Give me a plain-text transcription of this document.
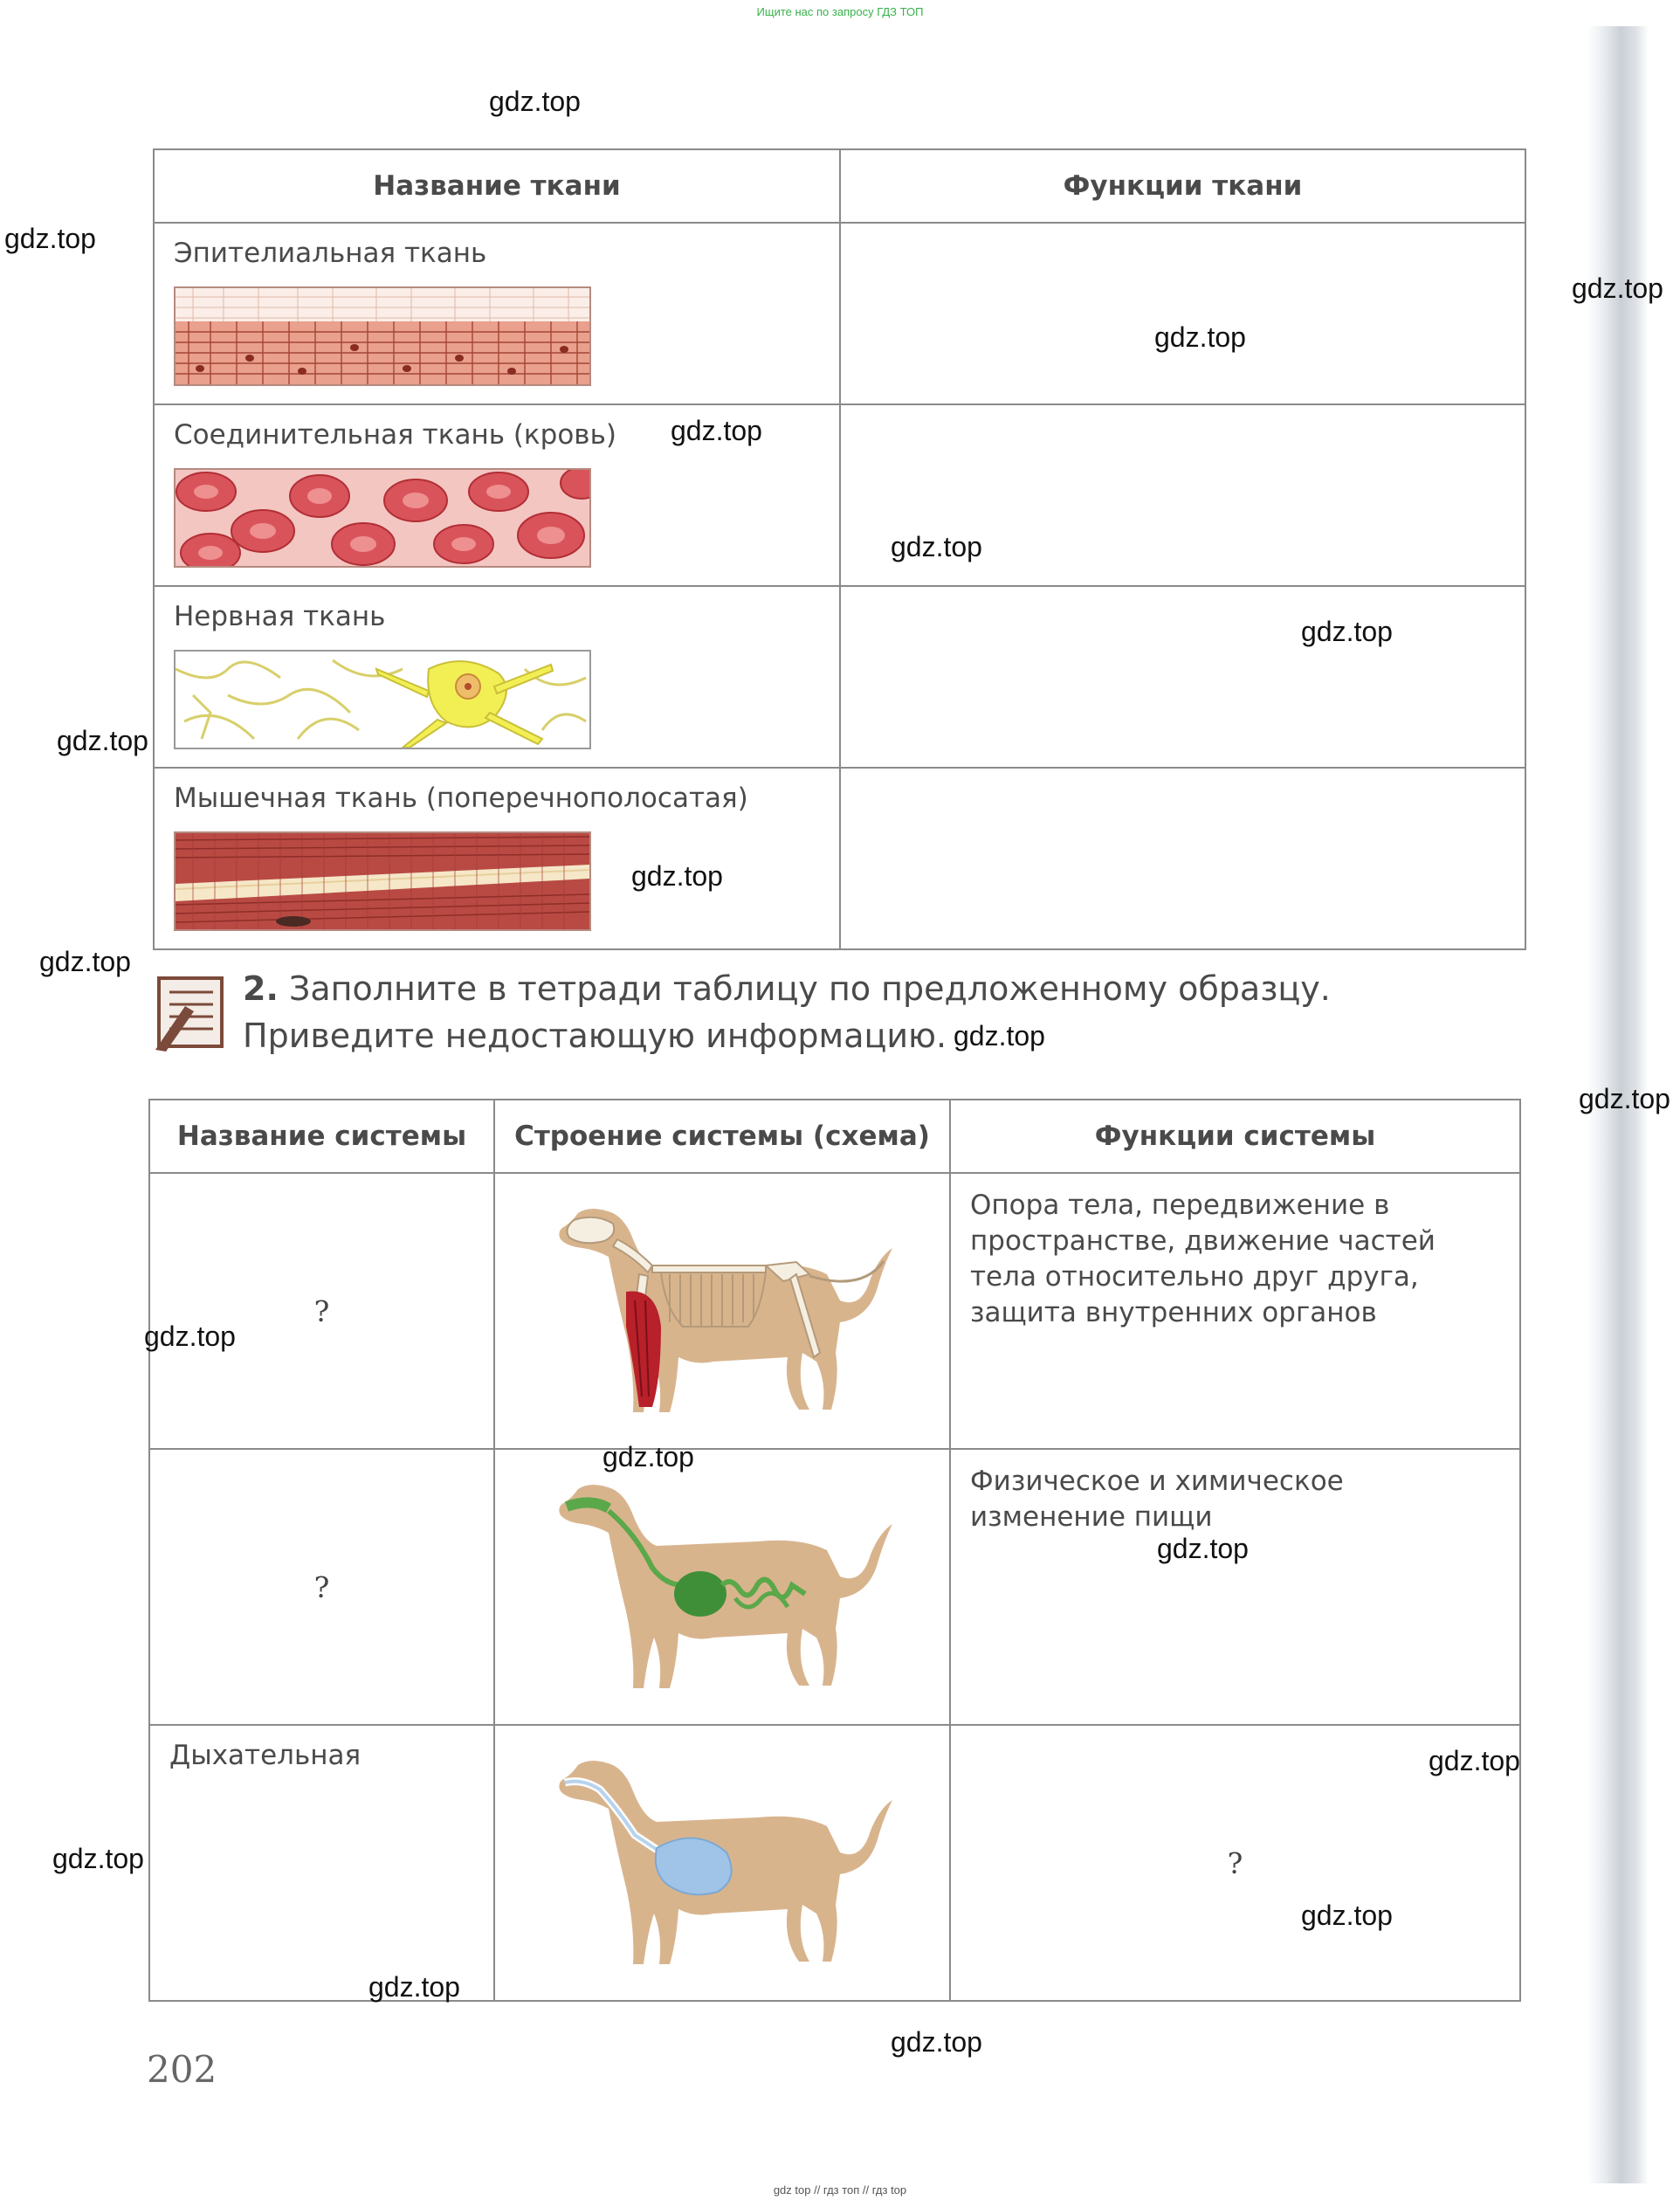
Ищите нас по запросу ГДЗ ТОП
Название ткани	Функции ткани

Эпителиальная ткань	

Соединительная ткань (кровь)	

Нервная ткань	

Мышечная ткань (поперечнополосатая)	

2. Заполните в тетради таблицу по предложенному образцу. Приведите недостающую информацию.
Название системы	Строение системы (схема)	Функции системы

?		Опора тела, передвижение в пространстве, движение частей тела относительно друг друга, защита внутренних органов

?		Физическое и химическое изменение пищи

Дыхательная		?
202
gdz.top
gdz.top
gdz.top
gdz.top
gdz.top
gdz.top
gdz.top
gdz.top
gdz.top
gdz.top
gdz.top
gdz.top
gdz.top
gdz.top
gdz.top
gdz.top
gdz.top
gdz.top
gdz.top
gdz.top
gdz top // гдз топ // гдз top
